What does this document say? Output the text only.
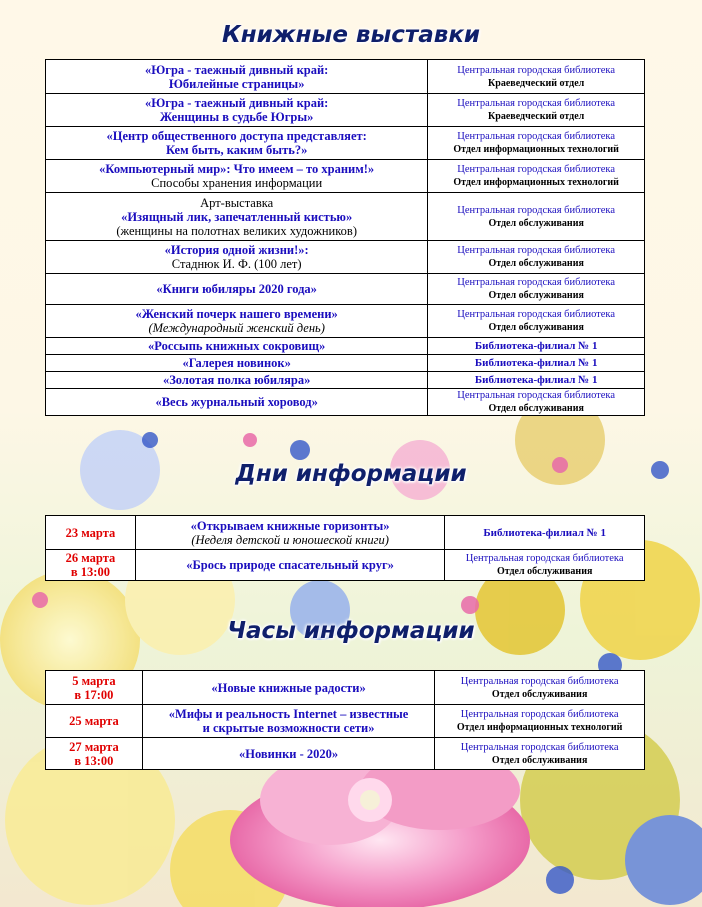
Книжные выставки
«Югра - таежный дивный край:
Юбилейные страницы»	Центральная городская библиотека
Краеведческий отдел

«Югра - таежный дивный край:
Женщины в судьбе Югры»	Центральная городская библиотека
Краеведческий отдел

«Центр общественного доступа представляет:
Кем быть, каким быть?»	Центральная городская библиотека
Отдел информационных технологий

«Компьютерный мир»: Что имеем – то храним!»
Способы хранения информации	Центральная городская библиотека
Отдел информационных технологий

Арт-выставка
«Изящный лик, запечатленный кистью»
(женщины на полотнах великих художников)	Центральная городская библиотека
Отдел обслуживания

«История одной жизни!»:
Стаднюк И. Ф. (100 лет)	Центральная городская библиотека
Отдел обслуживания

«Книги юбиляры 2020 года»	Центральная городская библиотека
Отдел обслуживания

«Женский почерк нашего времени»
(Международный женский день)	Центральная городская библиотека
Отдел обслуживания

«Россыпь книжных сокровищ»	Библиотека-филиал № 1

«Галерея новинок»	Библиотека-филиал № 1

«Золотая полка юбиляра»	Библиотека-филиал № 1

«Весь журнальный хоровод»	Центральная городская библиотека
Отдел обслуживания
Дни информации
23 марта	«Открываем книжные горизонты»
(Неделя детской и юношеской книги)	Библиотека-филиал № 1

26 марта
в 13:00	«Брось природе спасательный круг»	Центральная городская библиотека
Отдел обслуживания
Часы информации
5 марта
в 17:00	«Новые книжные радости»	Центральная городская библиотека
Отдел обслуживания

25 марта	«Мифы и реальность Internet – известные
и скрытые возможности сети»	Центральная городская библиотека
Отдел информационных технологий

27 марта
в 13:00	«Новинки - 2020»	Центральная городская библиотека
Отдел обслуживания
